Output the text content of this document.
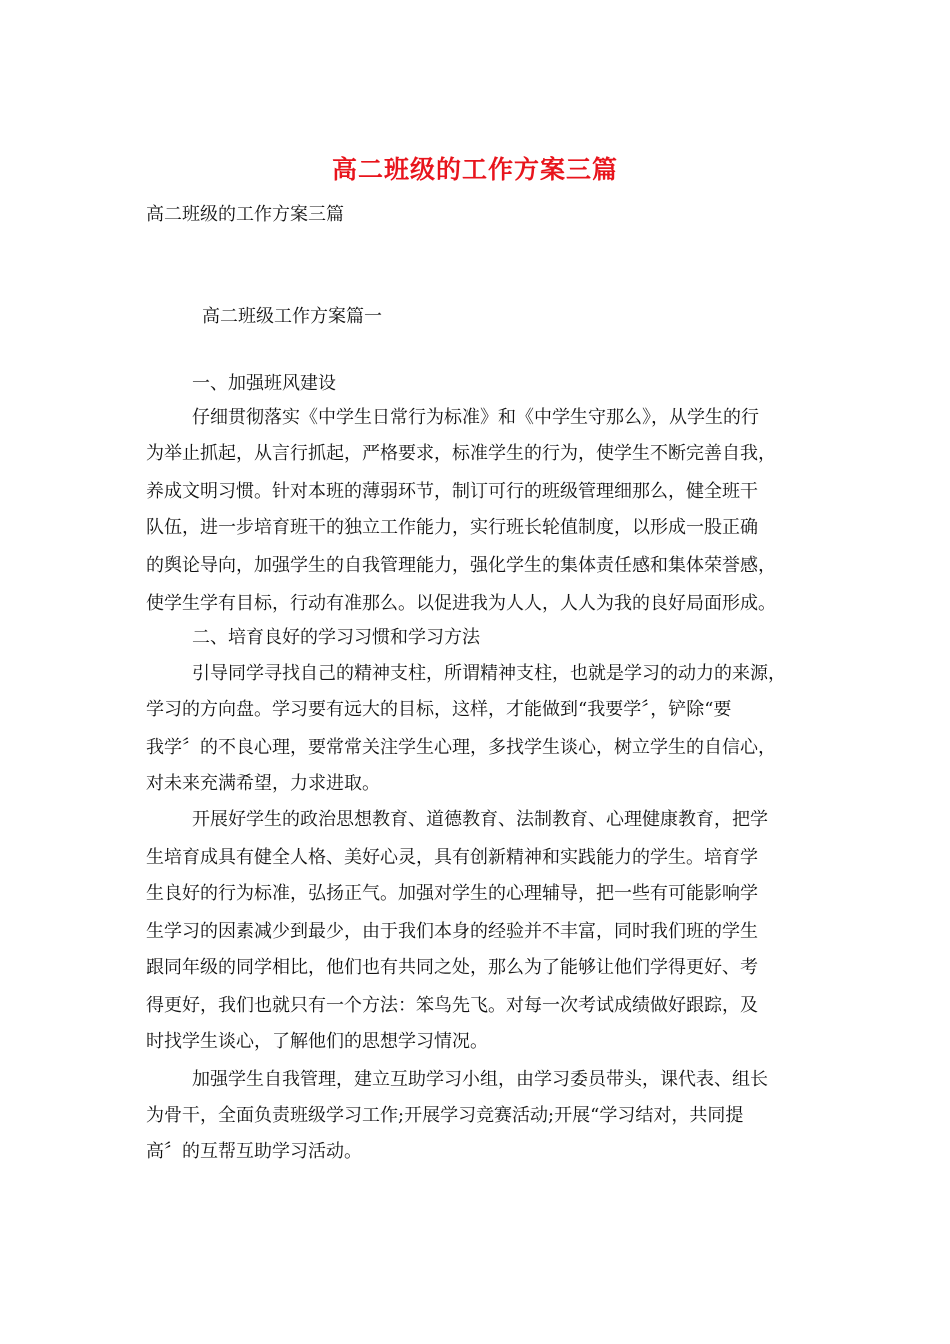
高二班级的工作方案三篇
高二班级的工作方案三篇
高二班级工作方案篇一
一、加强班风建设
仔细贯彻落实《中学生日常行为标准》和《中学生守那么》，从学生的行
为举止抓起，从言行抓起，严格要求，标准学生的行为，使学生不断完善自我，
养成文明习惯。针对本班的薄弱环节，制订可行的班级管理细那么，健全班干
队伍，进一步培育班干的独立工作能力，实行班长轮值制度，以形成一股正确
的舆论导向，加强学生的自我管理能力，强化学生的集体责任感和集体荣誉感，
使学生学有目标，行动有准那么。以促进我为人人，人人为我的良好局面形成。
二、培育良好的学习习惯和学习方法
引导同学寻找自己的精神支柱，所谓精神支柱，也就是学习的动力的来源，
学习的方向盘。学习要有远大的目标，这样，才能做到“我要学〞，铲除“要
我学〞的不良心理，要常常关注学生心理，多找学生谈心，树立学生的自信心，
对未来充满希望，力求进取。
开展好学生的政治思想教育、道德教育、法制教育、心理健康教育，把学
生培育成具有健全人格、美好心灵，具有创新精神和实践能力的学生。培育学
生良好的行为标准，弘扬正气。加强对学生的心理辅导，把一些有可能影响学
生学习的因素减少到最少，由于我们本身的经验并不丰富，同时我们班的学生
跟同年级的同学相比，他们也有共同之处，那么为了能够让他们学得更好、考
得更好，我们也就只有一个方法：笨鸟先飞。对每一次考试成绩做好跟踪，及
时找学生谈心，了解他们的思想学习情况。
加强学生自我管理，建立互助学习小组，由学习委员带头，课代表、组长
为骨干，全面负责班级学习工作;开展学习竞赛活动;开展“学习结对，共同提
高〞的互帮互助学习活动。
